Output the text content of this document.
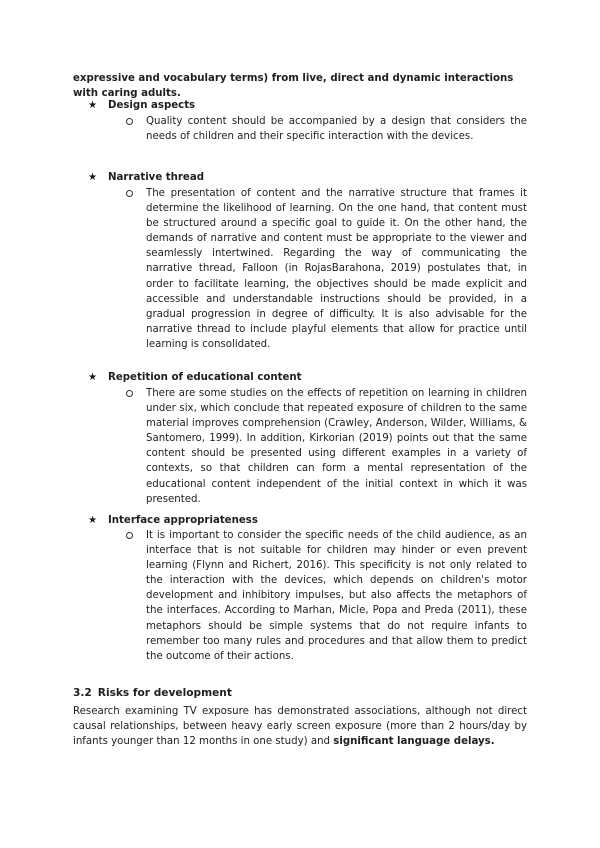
expressive and vocabulary terms) from live, direct and dynamic interactions with caring adults.
★ Design aspects

Quality content should be accompanied by a design that considers the needs of children and their specific interaction with the devices.

★ Narrative thread

The presentation of content and the narrative structure that frames it determine the likelihood of learning. On the one hand, that content must be structured around a specific goal to guide it. On the other hand, the demands of narrative and content must be appropriate to the viewer and seamlessly intertwined. Regarding the way of communicating the narrative thread, Falloon (in RojasBarahona, 2019) postulates that, in order to facilitate learning, the objectives should be made explicit and accessible and understandable instructions should be provided, in a gradual progression in degree of difficulty. It is also advisable for the narrative thread to include playful elements that allow for practice until learning is consolidated.

★ Repetition of educational content

There are some studies on the effects of repetition on learning in children under six, which conclude that repeated exposure of children to the same material improves comprehension (Crawley, Anderson, Wilder, Williams, & Santomero, 1999). In addition, Kirkorian (2019) points out that the same content should be presented using different examples in a variety of contexts, so that children can form a mental representation of the educational content independent of the initial context in which it was presented.

★ Interface appropriateness

It is important to consider the specific needs of the child audience, as an interface that is not suitable for children may hinder or even prevent learning (Flynn and Richert, 2016). This specificity is not only related to the interaction with the devices, which depends on children's motor development and inhibitory impulses, but also affects the metaphors of the interfaces. According to Marhan, Micle, Popa and Preda (2011), these metaphors should be simple systems that do not require infants to remember too many rules and procedures and that allow them to predict the outcome of their actions.

3.2 Risks for development

Research examining TV exposure has demonstrated associations, although not direct causal relationships, between heavy early screen exposure (more than 2 hours/day by infants younger than 12 months in one study) and significant language delays.
